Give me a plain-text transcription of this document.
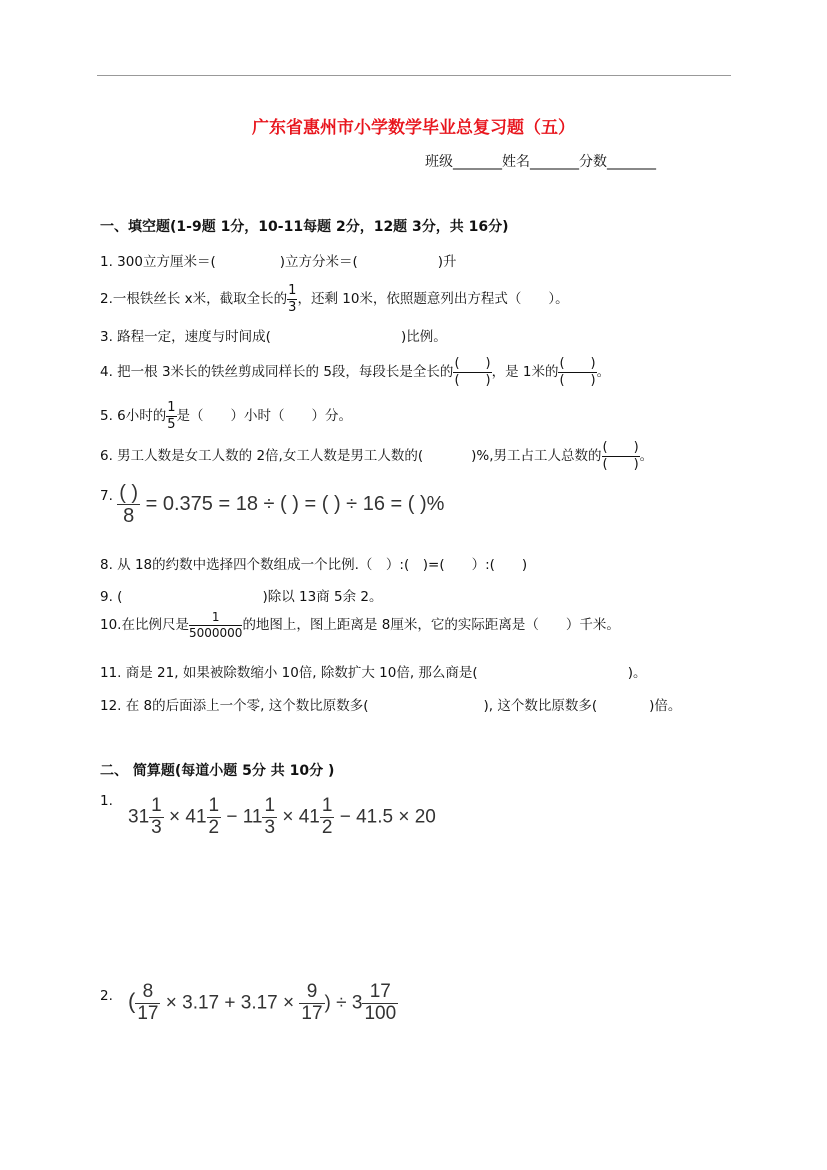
广东省惠州市小学数学毕业总复习题（五）
班级_______姓名_______分数_______
一、填空题(1-9题 1分，10-11每题 2分，12题 3分，共 16分)
1. 300立方厘米＝(	)立方分米＝(	)升
2.一根铁丝长 x米，截取全长的 $\frac{1}{3}$ ，还剩 10米，依照题意列出方程式（　　）。
3. 路程一定，速度与时间成(	)比例。
4. 把一根 3米长的铁丝剪成同样长的 5段，每段长是全长的 $\frac{( )}{( )}$ ，是 1米的 $\frac{( )}{( )}$ 。
5. 6小时的 $\frac{1}{5}$ 是（　　）小时（　　）分。
6. 男工人数是女工人数的 2倍,女工人数是男工人数的(	)%,男工占工人总数的 $\frac{( )}{( )}$ 。
7. $\frac{( )}{8} = 0.375 = 18$ ÷ ( ) = ( ) ÷ 16 = ( )%
8. 从 18的约数中选择四个数组成一个比例.（　）:(　)=(　　）:(　　)
9. (	)除以 13商 5余 2。
10.在比例尺是 $\frac{1}{5000000}$ 的地图上，图上距离是 8厘米，它的实际距离是（　　）千米。
11. 商是 21, 如果被除数缩小 10倍, 除数扩大 10倍, 那么商是(	)。
12. 在 8的后面添上一个零, 这个数比原数多(	), 这个数比原数多(	)倍。
二、 简算题(每道小题 5分 共 10分 )
1.
$31 \frac{1}{3} \times 41 \frac{1}{2} - 11 \frac{1}{3} \times 41 \frac{1}{2} - 41.5 \times 20$
2. ( $\frac{8}{17} \times 3.17 + 3.17 \times \frac{9}{17}$ ) ÷ $3 \frac{17}{100}$
